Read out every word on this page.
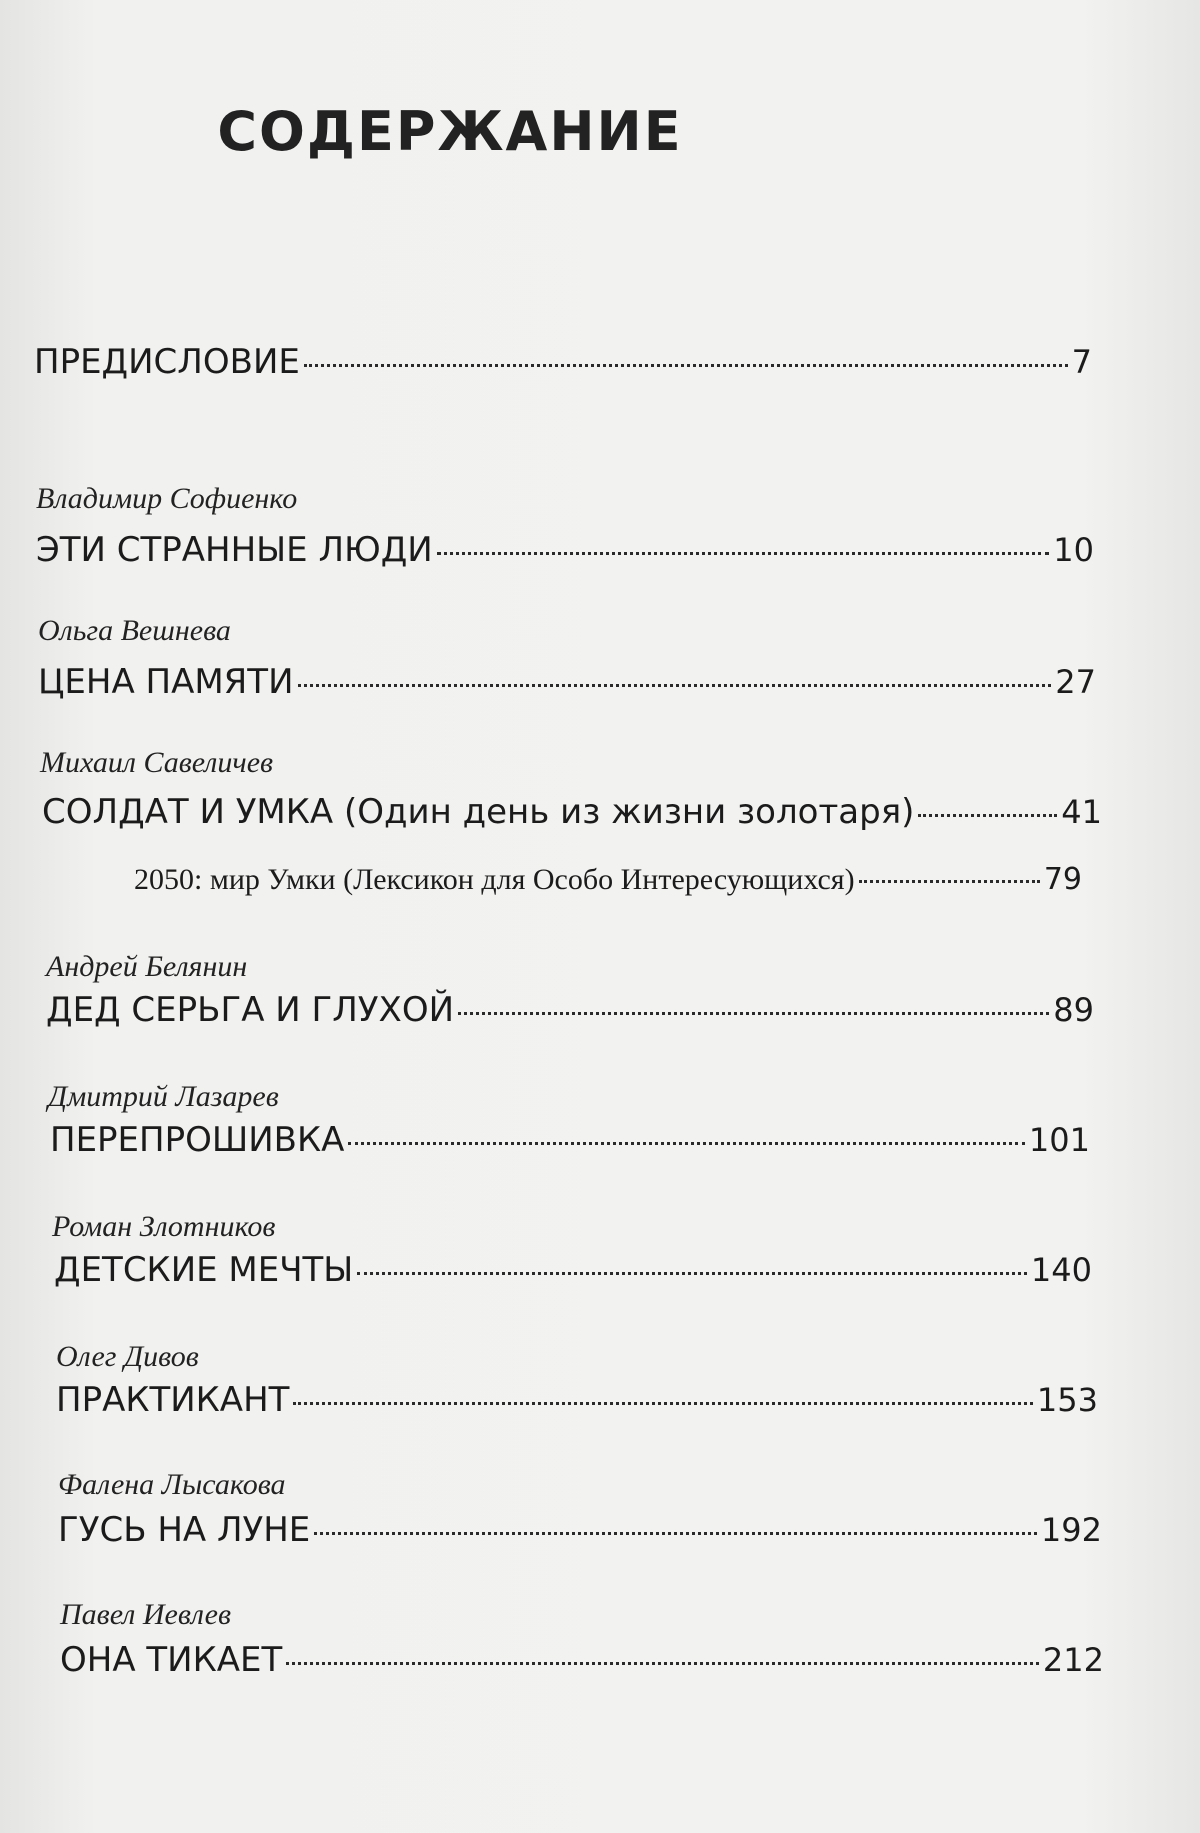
СОДЕРЖАНИЕ
ПРЕДИСЛОВИЕ	7
Владимир Софиенко
ЭТИ СТРАННЫЕ ЛЮДИ	10
Ольга Вешнева
ЦЕНА ПАМЯТИ	27
Михаил Савеличев
СОЛДАТ И УМКА (Один день из жизни золотаря)	41
2050: мир Умки (Лексикон для Особо Интересующихся)	79
Андрей Белянин
ДЕД СЕРЬГА И ГЛУХОЙ	89
Дмитрий Лазарев
ПЕРЕПРОШИВКА	101
Роман Злотников
ДЕТСКИЕ МЕЧТЫ	140
Олег Дивов
ПРАКТИКАНТ	153
Фалена Лысакова
ГУСЬ НА ЛУНЕ	192
Павел Иевлев
ОНА ТИКАЕТ	212
